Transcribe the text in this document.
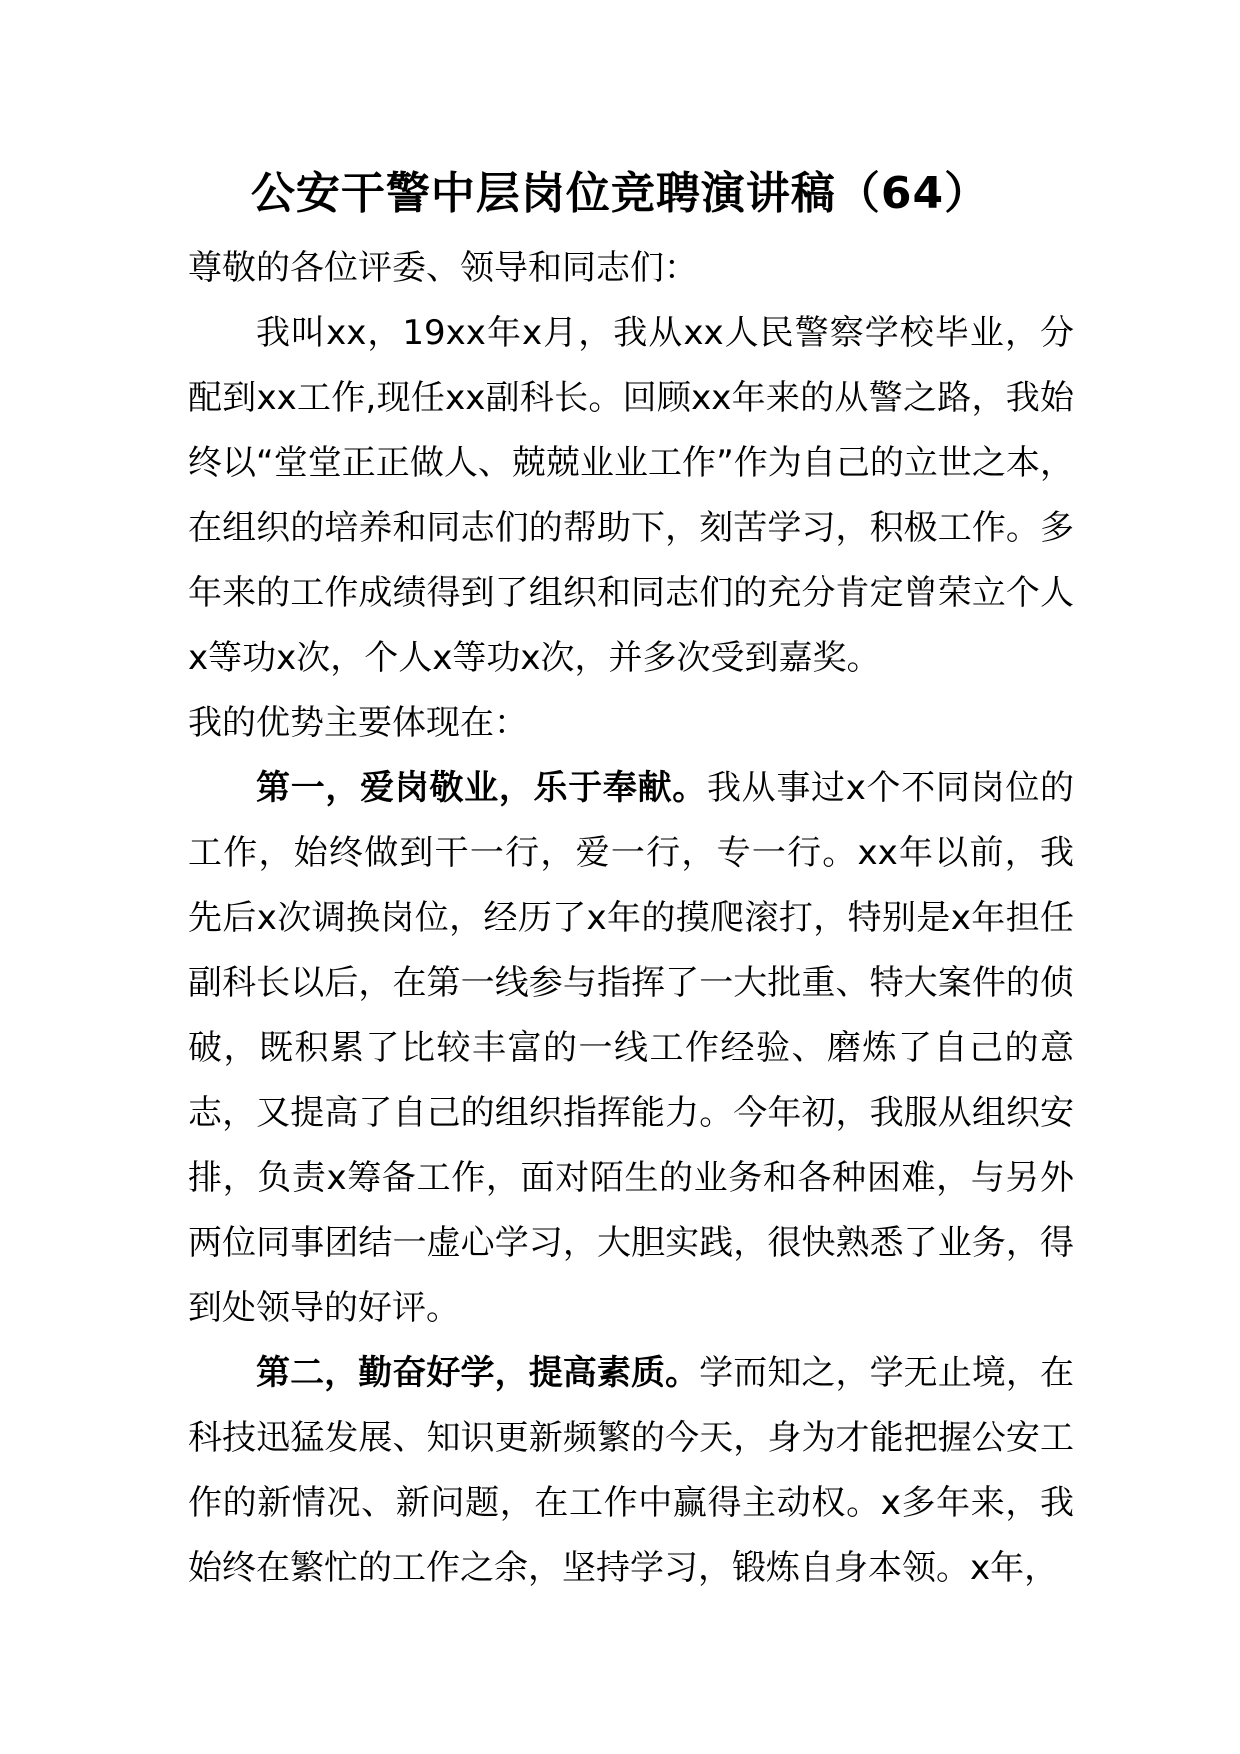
公安干警中层岗位竞聘演讲稿（64）

尊敬的各位评委、领导和同志们：

我叫xx，19xx年x月，我从xx人民警察学校毕业，分配到xx工作,现任xx副科长。回顾xx年来的从警之路，我始终以“堂堂正正做人、兢兢业业工作”作为自己的立世之本，在组织的培养和同志们的帮助下，刻苦学习，积极工作。多年来的工作成绩得到了组织和同志们的充分肯定曾荣立个人x等功x次，个人x等功x次，并多次受到嘉奖。

我的优势主要体现在：

第一，爱岗敬业，乐于奉献。我从事过x个不同岗位的工作，始终做到干一行，爱一行，专一行。xx年以前，我先后x次调换岗位，经历了x年的摸爬滚打，特别是x年担任副科长以后，在第一线参与指挥了一大批重、特大案件的侦破，既积累了比较丰富的一线工作经验、磨炼了自己的意志，又提高了自己的组织指挥能力。今年初，我服从组织安排，负责x筹备工作，面对陌生的业务和各种困难，与另外两位同事团结一虚心学习，大胆实践，很快熟悉了业务，得到处领导的好评。

第二，勤奋好学，提高素质。学而知之，学无止境，在科技迅猛发展、知识更新频繁的今天，身为才能把握公安工作的新情况、新问题，在工作中赢得主动权。x多年来，我始终在繁忙的工作之余，坚持学习，锻炼自身本领。x年，
